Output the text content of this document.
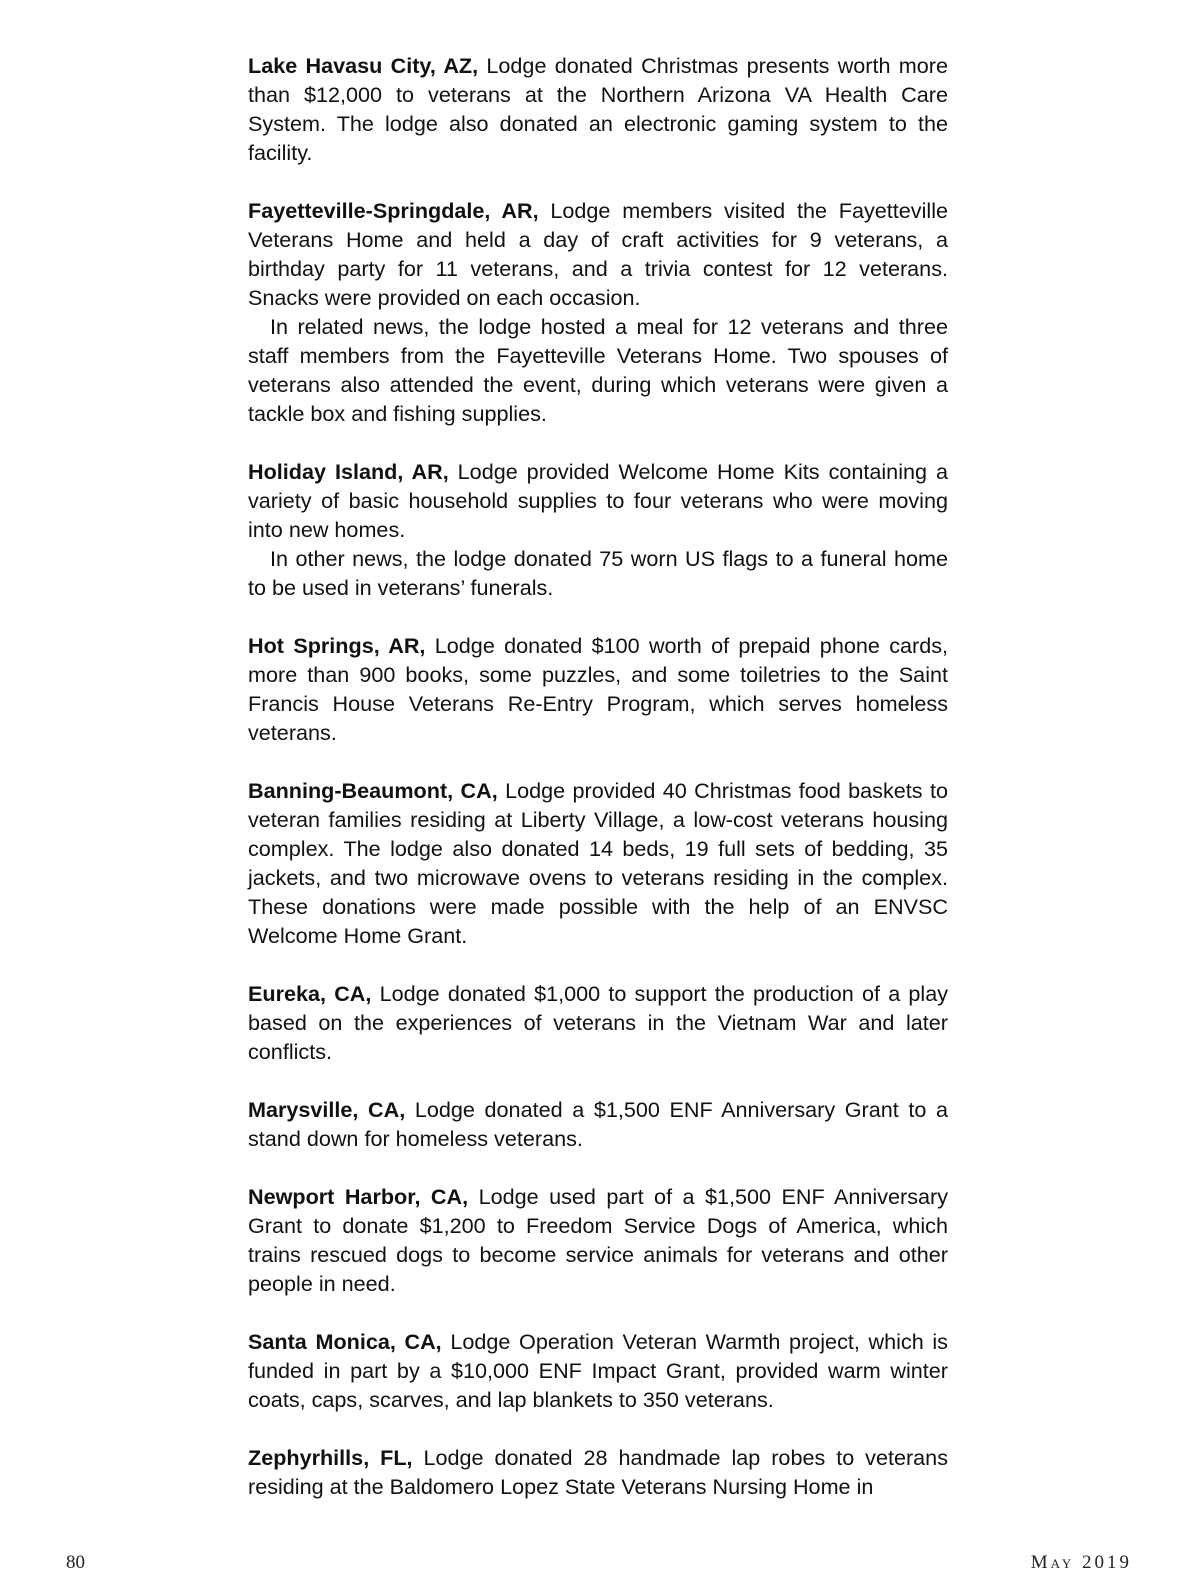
Lake Havasu City, AZ, Lodge donated Christmas presents worth more than $12,000 to veterans at the Northern Arizona VA Health Care System. The lodge also donated an electronic gaming system to the facility.

Fayetteville-Springdale, AR, Lodge members visited the Fayetteville Veterans Home and held a day of craft activities for 9 veterans, a birthday party for 11 veterans, and a trivia contest for 12 veterans. Snacks were provided on each occasion.

In related news, the lodge hosted a meal for 12 veterans and three staff members from the Fayetteville Veterans Home. Two spouses of veterans also attended the event, during which veterans were given a tackle box and fishing supplies.

Holiday Island, AR, Lodge provided Welcome Home Kits containing a variety of basic household supplies to four veterans who were moving into new homes.

In other news, the lodge donated 75 worn US flags to a funeral home to be used in veterans’ funerals.

Hot Springs, AR, Lodge donated $100 worth of prepaid phone cards, more than 900 books, some puzzles, and some toiletries to the Saint Francis House Veterans Re-Entry Program, which serves homeless veterans.

Banning-Beaumont, CA, Lodge provided 40 Christmas food baskets to veteran families residing at Liberty Village, a low-cost veterans housing complex. The lodge also donated 14 beds, 19 full sets of bedding, 35 jackets, and two microwave ovens to veterans residing in the complex. These donations were made possible with the help of an ENVSC Welcome Home Grant.

Eureka, CA, Lodge donated $1,000 to support the production of a play based on the experiences of veterans in the Vietnam War and later conflicts.

Marysville, CA, Lodge donated a $1,500 ENF Anniversary Grant to a stand down for homeless veterans.

Newport Harbor, CA, Lodge used part of a $1,500 ENF Anniversary Grant to donate $1,200 to Freedom Service Dogs of America, which trains rescued dogs to become service animals for veterans and other people in need.

Santa Monica, CA, Lodge Operation Veteran Warmth project, which is funded in part by a $10,000 ENF Impact Grant, provided warm winter coats, caps, scarves, and lap blankets to 350 veterans.

Zephyrhills, FL, Lodge donated 28 handmade lap robes to veterans residing at the Baldomero Lopez State Veterans Nursing Home in

80	May 2019
